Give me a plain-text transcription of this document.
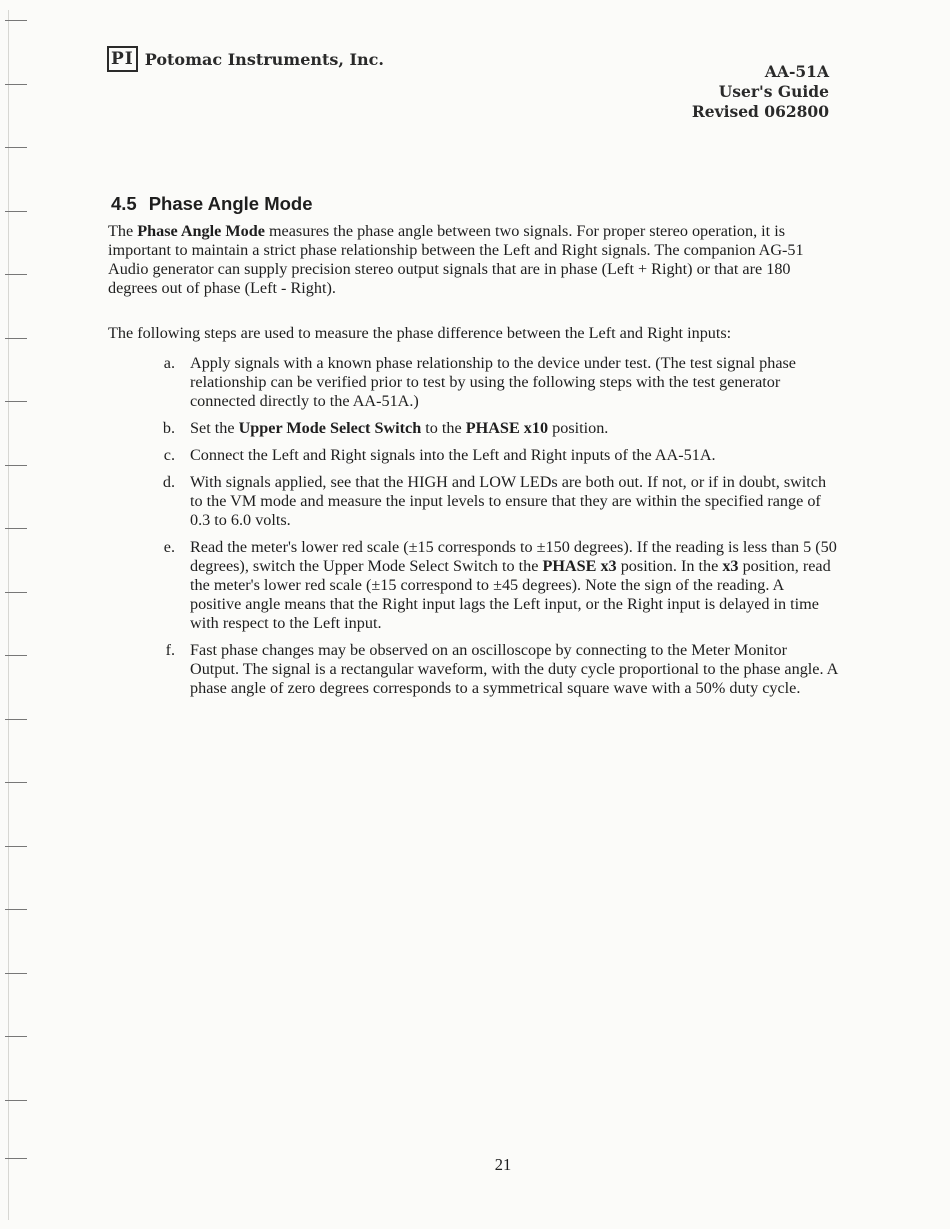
PI Potomac Instruments, Inc.
AA-51A
User's Guide
Revised 062800
4.5 Phase Angle Mode

The Phase Angle Mode measures the phase angle between two signals. For proper stereo operation, it is important to maintain a strict phase relationship between the Left and Right signals. The companion AG-51 Audio generator can supply precision stereo output signals that are in phase (Left + Right) or that are 180 degrees out of phase (Left - Right).

The following steps are used to measure the phase difference between the Left and Right inputs:

a. Apply signals with a known phase relationship to the device under test. (The test signal phase relationship can be verified prior to test by using the following steps with the test generator connected directly to the AA-51A.)
b. Set the Upper Mode Select Switch to the PHASE x10 position.
c. Connect the Left and Right signals into the Left and Right inputs of the AA-51A.
d. With signals applied, see that the HIGH and LOW LEDs are both out. If not, or if in doubt, switch to the VM mode and measure the input levels to ensure that they are within the specified range of 0.3 to 6.0 volts.
e. Read the meter's lower red scale (±15 corresponds to ±150 degrees). If the reading is less than 5 (50 degrees), switch the Upper Mode Select Switch to the PHASE x3 position. In the x3 position, read the meter's lower red scale (±15 correspond to ±45 degrees). Note the sign of the reading. A positive angle means that the Right input lags the Left input, or the Right input is delayed in time with respect to the Left input.
f. Fast phase changes may be observed on an oscilloscope by connecting to the Meter Monitor Output. The signal is a rectangular waveform, with the duty cycle proportional to the phase angle. A phase angle of zero degrees corresponds to a symmetrical square wave with a 50% duty cycle.
21
